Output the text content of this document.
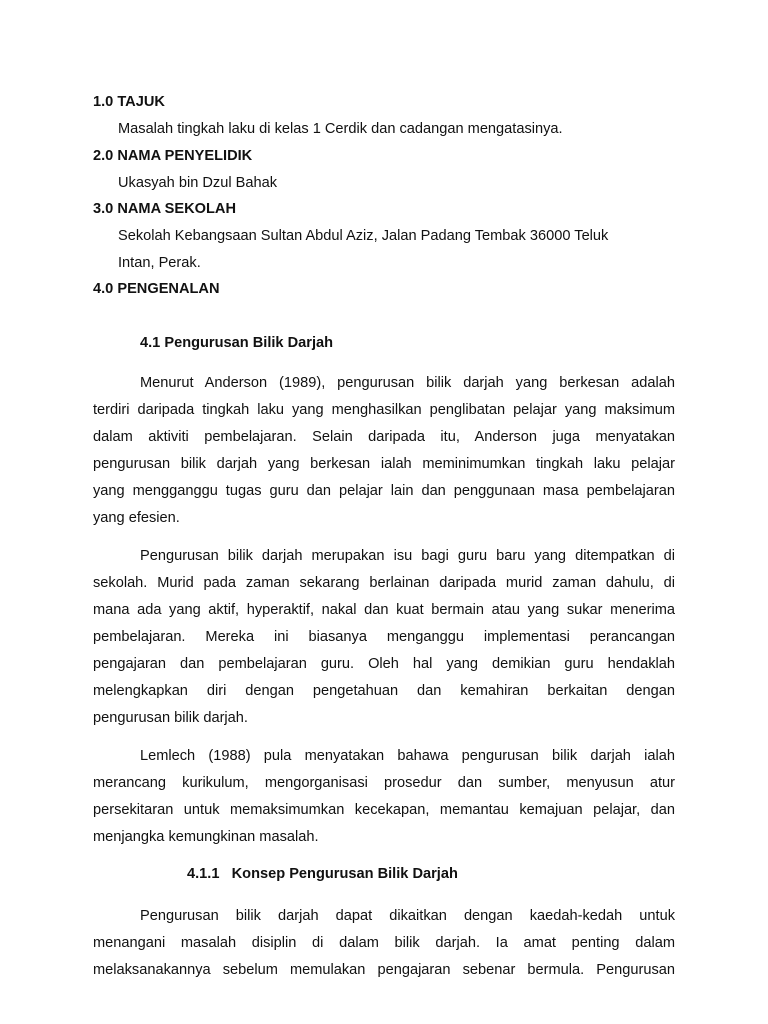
1.0 TAJUK
Masalah tingkah laku di kelas 1 Cerdik dan cadangan mengatasinya.
2.0 NAMA PENYELIDIK
Ukasyah bin Dzul Bahak
3.0 NAMA SEKOLAH
Sekolah Kebangsaan Sultan Abdul Aziz, Jalan Padang Tembak 36000 Teluk
Intan, Perak.
4.0 PENGENALAN
4.1 Pengurusan Bilik Darjah
Menurut Anderson (1989), pengurusan bilik darjah yang berkesan adalah
terdiri daripada tingkah laku yang menghasilkan penglibatan pelajar yang maksimum
dalam aktiviti pembelajaran. Selain daripada itu, Anderson juga menyatakan
pengurusan bilik darjah yang berkesan ialah meminimumkan tingkah laku pelajar
yang mengganggu tugas guru dan pelajar lain dan penggunaan masa pembelajaran
yang efesien.
Pengurusan bilik darjah merupakan isu bagi guru baru yang ditempatkan di
sekolah. Murid pada zaman sekarang berlainan daripada murid zaman dahulu, di
mana ada yang aktif, hyperaktif, nakal dan kuat bermain atau yang sukar menerima
pembelajaran. Mereka ini biasanya menganggu implementasi perancangan
pengajaran dan pembelajaran guru. Oleh hal yang demikian guru hendaklah
melengkapkan diri dengan pengetahuan dan kemahiran berkaitan dengan
pengurusan bilik darjah.
Lemlech (1988) pula menyatakan bahawa pengurusan bilik darjah ialah
merancang kurikulum, mengorganisasi prosedur dan sumber, menyusun atur
persekitaran untuk memaksimumkan kecekapan, memantau kemajuan pelajar, dan
menjangka kemungkinan masalah.
4.1.1   Konsep Pengurusan Bilik Darjah
Pengurusan bilik darjah dapat dikaitkan dengan kaedah-kedah untuk
menangani masalah disiplin di dalam bilik darjah. Ia amat penting dalam
melaksanakannya sebelum memulakan pengajaran sebenar bermula. Pengurusan
